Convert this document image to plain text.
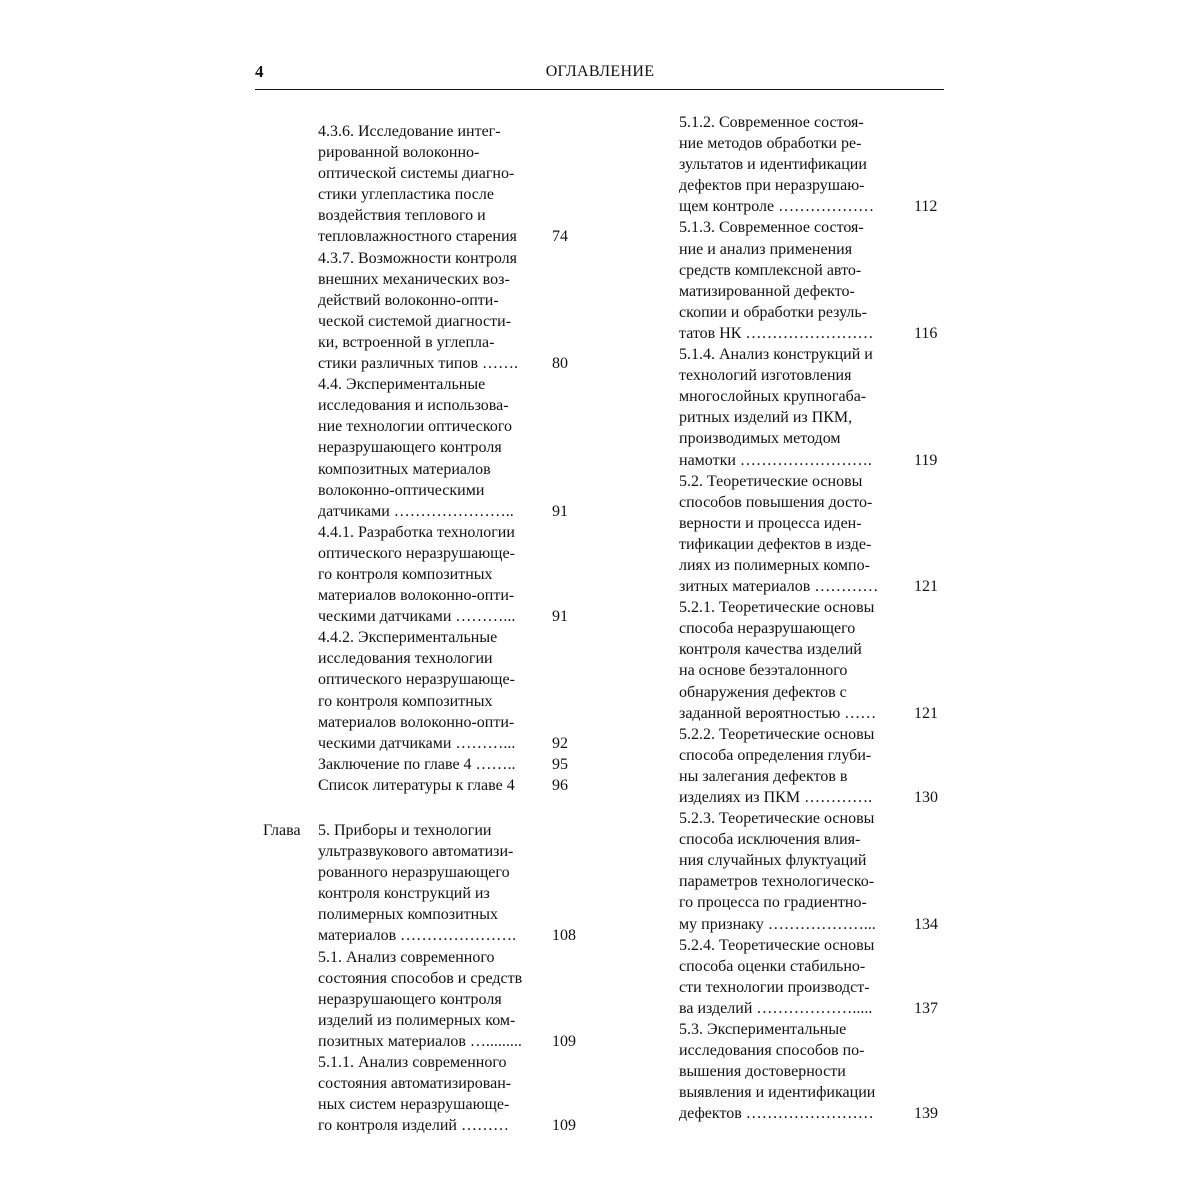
4	ОГЛАВЛЕНИЕ
4.3.6. Исследование интег-
рированной волоконно-
оптической системы диагно-
стики углепластика после
воздействия теплового и
тепловлажностного старения	74
4.3.7. Возможности контроля
внешних механических воз-
действий волоконно-опти-
ческой системой диагности-
ки, встроенной в углепла-
стики различных типов …….	80
4.4. Экспериментальные
исследования и использова-
ние технологии оптического
неразрушающего контроля
композитных материалов
волоконно-оптическими
датчиками …………………..	91
4.4.1. Разработка технологии
оптического неразрушающе-
го контроля композитных
материалов волоконно-опти-
ческими датчиками ………...	91
4.4.2. Экспериментальные
исследования технологии
оптического неразрушающе-
го контроля композитных
материалов волоконно-опти-
ческими датчиками ………...	92
Заключение по главе 4 ……..	95
Список литературы к главе 4	96
Глава 5. Приборы и технологии
ультразвукового автоматизи-
рованного неразрушающего
контроля конструкций из
полимерных композитных
материалов ………………….	108
5.1. Анализ современного
состояния способов и средств
неразрушающего контроля
изделий из полимерных ком-
позитных материалов ….........	109
5.1.1. Анализ современного
состояния автоматизирован-
ных систем неразрушающе-
го контроля изделий ………	109
5.1.2. Современное состоя-
ние методов обработки ре-
зультатов и идентификации
дефектов при неразрушаю-
щем контроле ………………	112
5.1.3. Современное состоя-
ние и анализ применения
средств комплексной авто-
матизированной дефекто-
скопии и обработки резуль-
татов НК ……………………	116
5.1.4. Анализ конструкций и
технологий изготовления
многослойных крупногаба-
ритных изделий из ПКМ,
производимых методом
намотки …………………….	119
5.2. Теоретические основы
способов повышения досто-
верности и процесса иден-
тификации дефектов в изде-
лиях из полимерных компо-
зитных материалов …………	121
5.2.1. Теоретические основы
способа неразрушающего
контроля качества изделий
на основе безэталонного
обнаружения дефектов с
заданной вероятностью ……	121
5.2.2. Теоретические основы
способа определения глуби-
ны залегания дефектов в
изделиях из ПКМ ………….	130
5.2.3. Теоретические основы
способа исключения влия-
ния случайных флуктуаций
параметров технологическо-
го процесса по градиентно-
му признаку ………………...	134
5.2.4. Теоретические основы
способа оценки стабильно-
сти технологии производст-
ва изделий ……………….....	137
5.3. Экспериментальные
исследования способов по-
вышения достоверности
выявления и идентификации
дефектов ……………………	139
